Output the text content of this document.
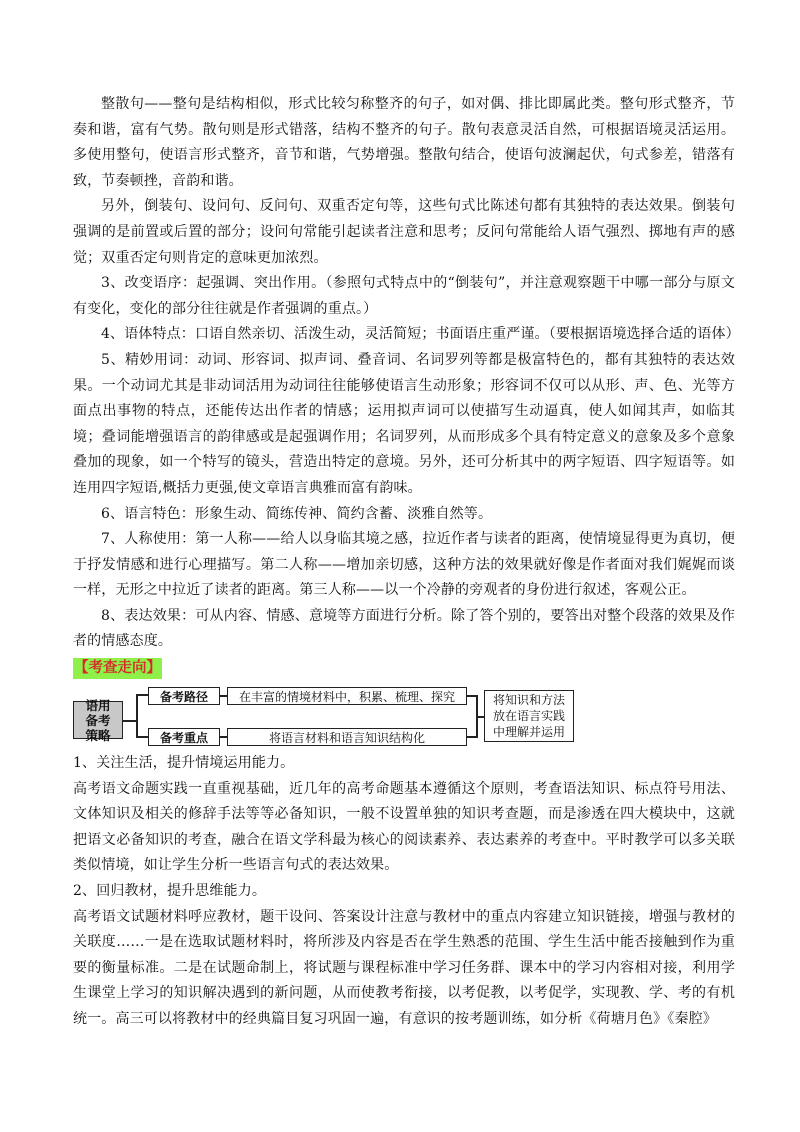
整散句——整句是结构相似，形式比较匀称整齐的句子，如对偶、排比即属此类。整句形式整齐，节奏和谐，富有气势。散句则是形式错落，结构不整齐的句子。散句表意灵活自然，可根据语境灵活运用。多使用整句，使语言形式整齐，音节和谐，气势增强。整散句结合，使语句波澜起伏，句式参差，错落有致，节奏顿挫，音韵和谐。

另外，倒装句、设问句、反问句、双重否定句等，这些句式比陈述句都有其独特的表达效果。倒装句强调的是前置或后置的部分；设问句常能引起读者注意和思考；反问句常能给人语气强烈、掷地有声的感觉；双重否定句则肯定的意味更加浓烈。

3、改变语序：起强调、突出作用。（参照句式特点中的“倒装句”，并注意观察题干中哪一部分与原文有变化，变化的部分往往就是作者强调的重点。）

4、语体特点：口语自然亲切、活泼生动，灵活简短；书面语庄重严谨。（要根据语境选择合适的语体）

5、精妙用词：动词、形容词、拟声词、叠音词、名词罗列等都是极富特色的，都有其独特的表达效果。一个动词尤其是非动词活用为动词往往能够使语言生动形象；形容词不仅可以从形、声、色、光等方面点出事物的特点，还能传达出作者的情感；运用拟声词可以使描写生动逼真，使人如闻其声，如临其境；叠词能增强语言的韵律感或是起强调作用；名词罗列，从而形成多个具有特定意义的意象及多个意象叠加的现象，如一个特写的镜头，营造出特定的意境。另外，还可分析其中的两字短语、四字短语等。如连用四字短语,概括力更强,使文章语言典雅而富有韵味。

6、语言特色：形象生动、简练传神、简约含蓄、淡雅自然等。

7、人称使用：第一人称——给人以身临其境之感，拉近作者与读者的距离，使情境显得更为真切，便于抒发情感和进行心理描写。第二人称——增加亲切感，这种方法的效果就好像是作者面对我们娓娓而谈一样，无形之中拉近了读者的距离。第三人称——以一个冷静的旁观者的身份进行叙述，客观公正。

8、表达效果：可从内容、情感、意境等方面进行分析。除了答个别的，要答出对整个段落的效果及作者的情感态度。

【考查走向】
语用备考策略
备考路径	在丰富的情境材料中，积累、梳理、探究
备考重点	将语言材料和语言知识结构化
将知识和方法放在语言实践中理解并运用

1、关注生活，提升情境运用能力。

高考语文命题实践一直重视基础，近几年的高考命题基本遵循这个原则，考查语法知识、标点符号用法、文体知识及相关的修辞手法等等必备知识，一般不设置单独的知识考查题，而是渗透在四大模块中，这就把语文必备知识的考查，融合在语文学科最为核心的阅读素养、表达素养的考查中。平时教学可以多关联类似情境，如让学生分析一些语言句式的表达效果。

2、回归教材，提升思维能力。

高考语文试题材料呼应教材，题干设问、答案设计注意与教材中的重点内容建立知识链接，增强与教材的关联度……一是在选取试题材料时，将所涉及内容是否在学生熟悉的范围、学生生活中能否接触到作为重要的衡量标准。二是在试题命制上，将试题与课程标准中学习任务群、课本中的学习内容相对接，利用学生课堂上学习的知识解决遇到的新问题，从而使教考衔接，以考促教，以考促学，实现教、学、考的有机统一。高三可以将教材中的经典篇目复习巩固一遍，有意识的按考题训练，如分析《荷塘月色》《秦腔》
